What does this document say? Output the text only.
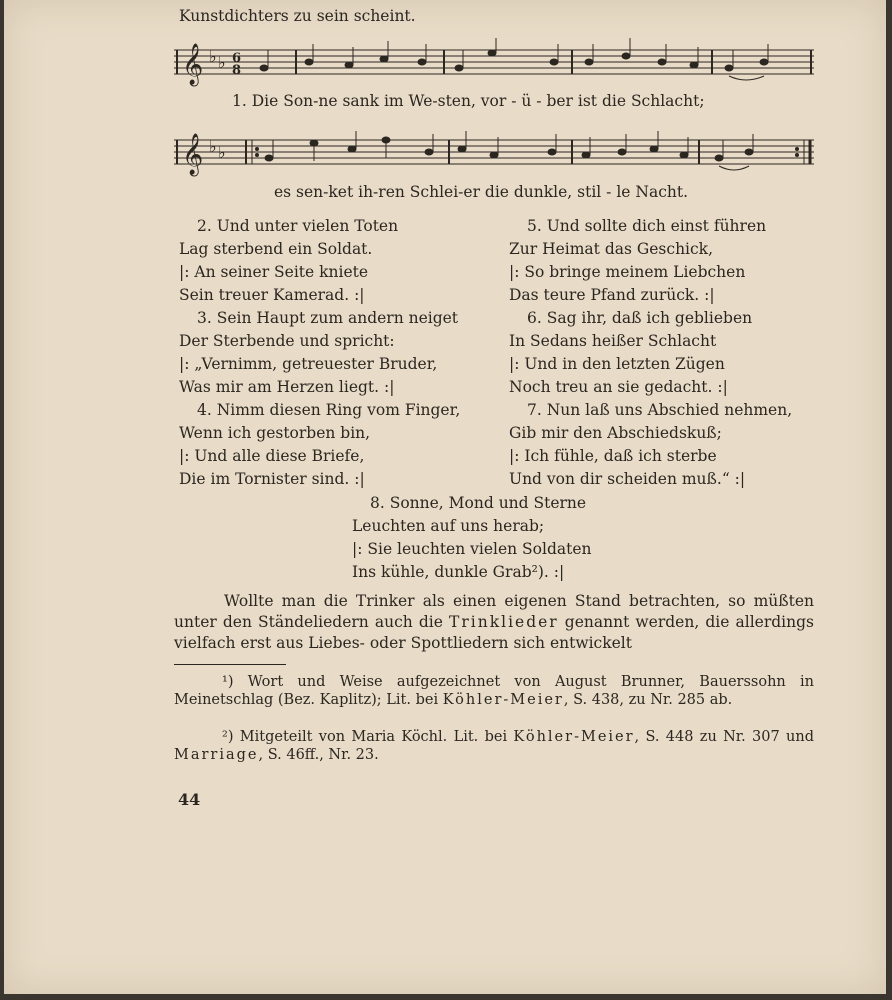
Kunstdichters zu sein scheint.
𝄞 ♭ ♭ 6
8
1. Die Son-ne sank im We-sten, vor - ü - ber ist die Schlacht;
𝄞 ♭ ♭
es sen-ket ih-ren Schlei-er die dunkle, stil - le Nacht.
2. Und unter vielen Toten
Lag sterbend ein Soldat.
|: An seiner Seite kniete
Sein treuer Kamerad. :|
3. Sein Haupt zum andern neiget
Der Sterbende und spricht:
|: „Vernimm, getreuester Bruder,
Was mir am Herzen liegt. :|
4. Nimm diesen Ring vom Finger,
Wenn ich gestorben bin,
|: Und alle diese Briefe,
Die im Tornister sind. :|
5. Und sollte dich einst führen
Zur Heimat das Geschick,
|: So bringe meinem Liebchen
Das teure Pfand zurück. :|
6. Sag ihr, daß ich geblieben
In Sedans heißer Schlacht
|: Und in den letzten Zügen
Noch treu an sie gedacht. :|
7. Nun laß uns Abschied nehmen,
Gib mir den Abschiedskuß;
|: Ich fühle, daß ich sterbe
Und von dir scheiden muß.“ :|
8. Sonne, Mond und Sterne
Leuchten auf uns herab;
|: Sie leuchten vielen Soldaten
Ins kühle, dunkle Grab²). :|

Wollte man die Trinker als einen eigenen Stand betrachten, so müßten unter den Ständeliedern auch die Trinklieder genannt werden, die allerdings vielfach erst aus Liebes- oder Spottliedern sich entwickelt

¹) Wort und Weise aufgezeichnet von August Brunner, Bauerssohn in Meinetschlag (Bez. Kaplitz); Lit. bei Köhler-Meier, S. 438, zu Nr. 285 ab.

²) Mitgeteilt von Maria Köchl. Lit. bei Köhler-Meier, S. 448 zu Nr. 307 und Marriage, S. 46ff., Nr. 23.

44
